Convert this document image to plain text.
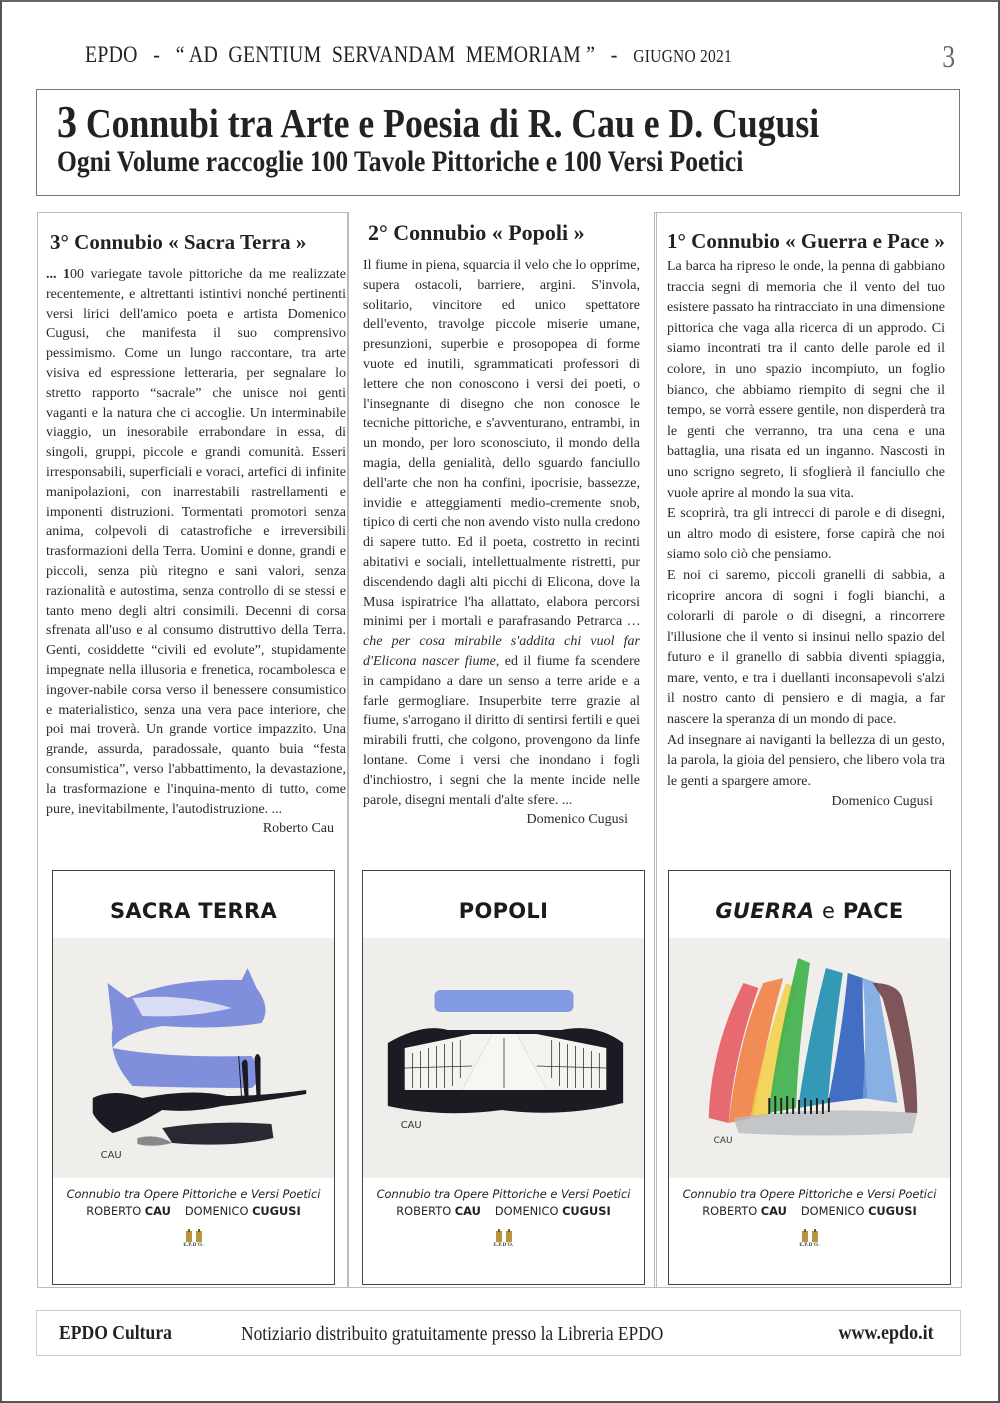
EPDO - “ AD  GENTIUM  SERVANDAM  MEMORIAM ” - GIUGNO 2021	3
3 Connubi tra Arte e Poesia di R. Cau e D. Cugusi
Ogni Volume raccoglie 100 Tavole Pittoriche e 100 Versi Poetici
3° Connubio « Sacra Terra »

... 100 variegate tavole pittoriche da me realizzate recentemente, e altrettanti istintivi nonché pertinenti versi lirici dell'amico poeta e artista Domenico Cugusi, che manifesta il suo comprensivo pessimismo. Come un lungo raccontare, tra arte visiva ed espressione letteraria, per segnalare lo stretto rapporto “sacrale” che unisce noi genti vaganti e la natura che ci accoglie. Un interminabile viaggio, un inesorabile errabondare in essa, di singoli, gruppi, piccole e grandi comunità. Esseri irresponsabili, superficiali e voraci, artefici di infinite manipolazioni, con inarrestabili rastrellamenti e imponenti distruzioni. Tormentati promotori senza anima, colpevoli di catastrofiche e irreversibili trasformazioni della Terra. Uomini e donne, grandi e piccoli, senza più ritegno e sani valori, senza razionalità e autostima, senza controllo di se stessi e tanto meno degli altri consimili. Decenni di corsa sfrenata all'uso e al consumo distruttivo della Terra. Genti, cosiddette “civili ed evolute”, stupidamente impegnate nella illusoria e frenetica, rocambolesca e ingover-nabile corsa verso il benessere consumistico e materialistico, senza una vera pace interiore, che poi mai troverà. Un grande vortice impazzito. Una grande, assurda, paradossale, quanto buia “festa consumistica”, verso l'abbattimento, la devastazione, la trasformazione e l'inquina-mento di tutto, come pure, inevitabilmente, l'autodistruzione. ...
Roberto Cau

2° Connubio « Popoli »

Il fiume in piena, squarcia il velo che lo opprime, supera ostacoli, barriere, argini. S'invola, solitario, vincitore ed unico spettatore dell'evento, travolge piccole miserie umane, presunzioni, superbie e prosopopea di forme vuote ed inutili, sgrammaticati professori di lettere che non conoscono i versi dei poeti, o l'insegnante di disegno che non conosce le tecniche pittoriche, e s'avventurano, entrambi, in un mondo, per loro sconosciuto, il mondo della magia, della genialità, dello sguardo fanciullo dell'arte che non ha confini, ipocrisie, bassezze, invidie e atteggiamenti medio-cremente snob, tipico di certi che non avendo visto nulla credono di sapere tutto. Ed il poeta, costretto in recinti abitativi e sociali, intellettualmente ristretti, pur discendendo dagli alti picchi di Elicona, dove la Musa ispiratrice l'ha allattato, elabora percorsi minimi per i mortali e parafrasando Petrarca …che per cosa mirabile s'addita chi vuol far d'Elicona nascer fiume, ed il fiume fa scendere in campidano a dare un senso a terre aride e a farle germogliare. Insuperbite terre grazie al fiume, s'arrogano il diritto di sentirsi fertili e quei mirabili frutti, che colgono, provengono da linfe lontane. Come i versi che inondano i fogli d'inchiostro, i segni che la mente incide nelle parole, disegni mentali d'alte sfere. ...

Domenico Cugusi

1° Connubio « Guerra e Pace »

La barca ha ripreso le onde, la penna di gabbiano traccia segni di memoria che il vento del tuo esistere passato ha rintracciato in una dimensione pittorica che vaga alla ricerca di un approdo. Ci siamo incontrati tra il canto delle parole ed il colore, in uno spazio incompiuto, un foglio bianco, che abbiamo riempito di segni che il tempo, se vorrà essere gentile, non disperderà tra le genti che verranno, tra una cena e una battaglia, una risata ed un inganno. Nascosti in uno scrigno segreto, li sfoglierà il fanciullo che vuole aprire al mondo la sua vita.

E scoprirà, tra gli intrecci di parole e di disegni, un altro modo di esistere, forse capirà che noi siamo solo ciò che pensiamo.

E noi ci saremo, piccoli granelli di sabbia, a ricoprire ancora di sogni i fogli bianchi, a colorarli di parole o di disegni, a rincorrere l'illusione che il vento si insinui nello spazio del futuro e il granello di sabbia diventi spiaggia, mare, vento, e tra i duellanti inconsapevoli s'alzi il nostro canto di pensiero e di magia, a far nascere la speranza di un mondo di pace.

Ad insegnare ai naviganti la bellezza di un gesto, la parola, la gioia del pensiero, che libero vola tra le genti a spargere amore.

Domenico Cugusi

SACRA TERRA
CAU
Connubio tra Opere Pittoriche e Versi Poetici
ROBERTO CAU DOMENICO CUGUSI
E.P.D'O.
POPOLI
CAU
Connubio tra Opere Pittoriche e Versi Poetici
ROBERTO CAU DOMENICO CUGUSI
E.P.D'O.
GUERRA e PACE
CAU
Connubio tra Opere Pittoriche e Versi Poetici
ROBERTO CAU DOMENICO CUGUSI
E.P.D'O.
EPDO Cultura	Notiziario distribuito gratuitamente presso la Libreria EPDO	www.epdo.it
